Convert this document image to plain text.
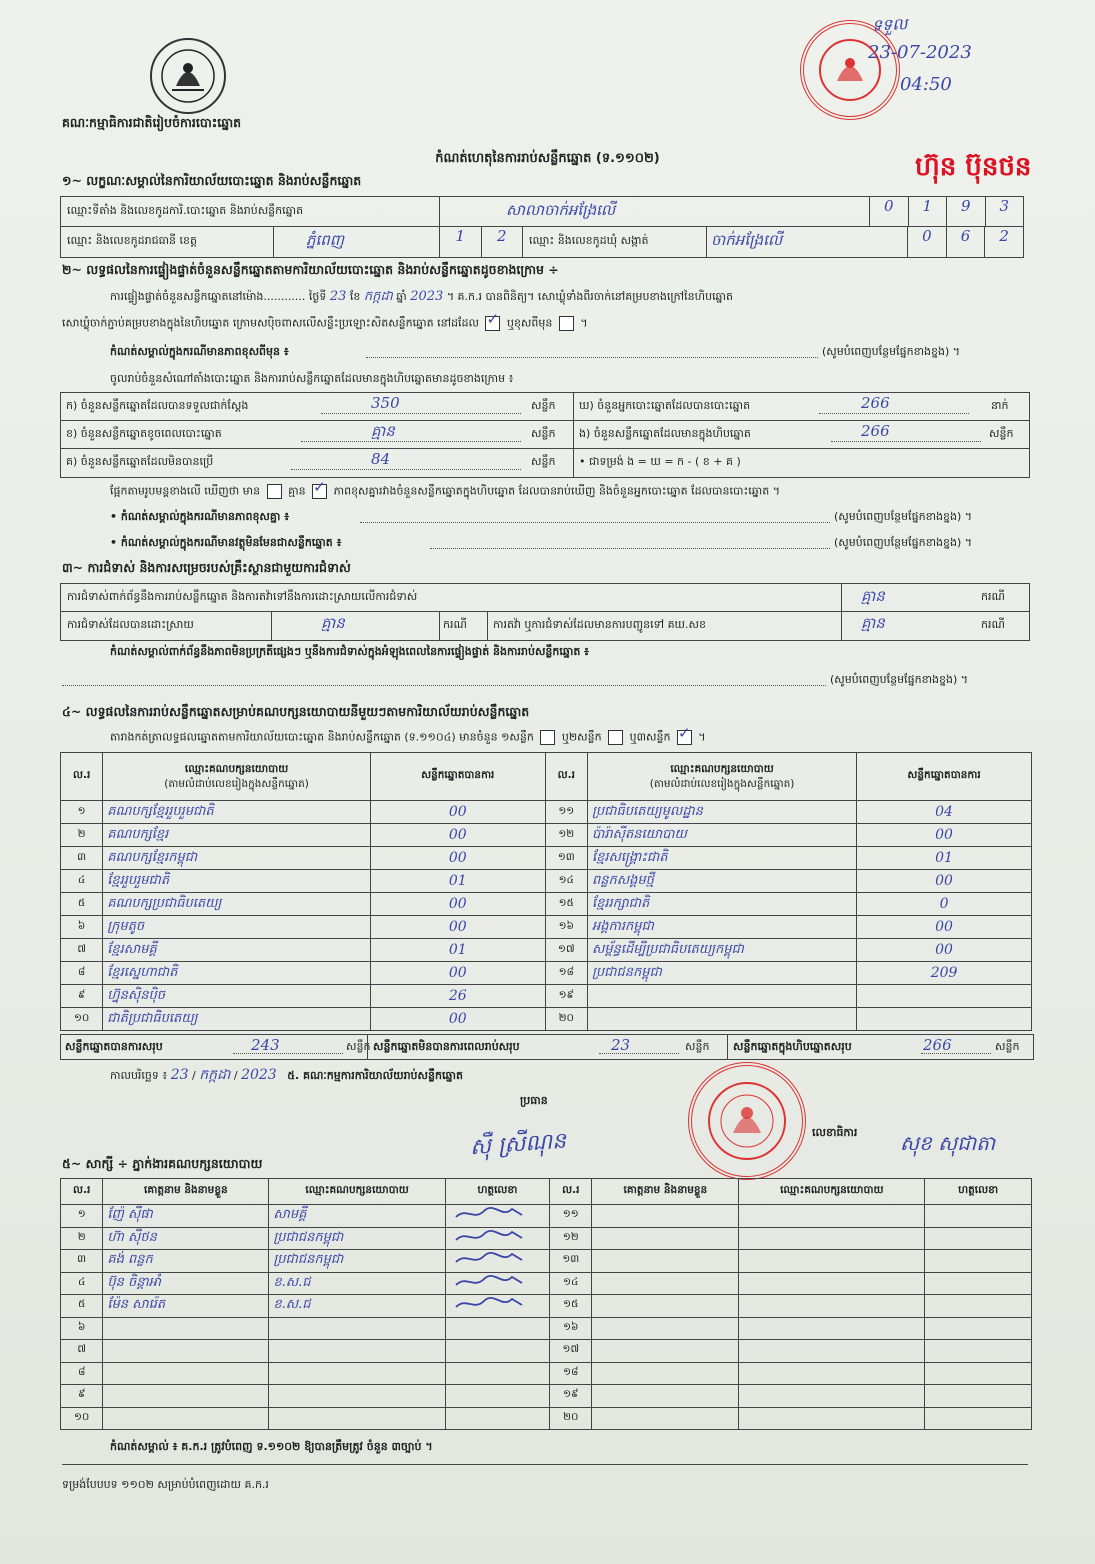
គណៈកម្មាធិការជាតិរៀបចំការបោះឆ្នោត
ទទួល
23-07-2023
04:50
ហ៊ុន ប៊ុនថន
កំណត់ហេតុនៃការរាប់សន្លឹកឆ្នោត (ទ.១១០២)
១~ លក្ខណៈសម្គាល់នៃការិយាល័យបោះឆ្នោត និងរាប់សន្លឹកឆ្នោត
ឈ្មោះទីតាំង និងលេខកូដការិ.បោះឆ្នោត និងរាប់សន្លឹកឆ្នោត	សាលាចាក់អង្រែលើ	0	1	9	3
ឈ្មោះ និងលេខកូដរាជធានី ខេត្ត	ភ្នំពេញ	1	2	ឈ្មោះ និងលេខកូដឃុំ សង្កាត់	ចាក់អង្រែលើ	0	6	2
២~ លទ្ធផលនៃការផ្ទៀងផ្ទាត់ចំនួនសន្លឹកឆ្នោតតាមការិយាល័យបោះឆ្នោត និងរាប់សន្លឹកឆ្នោតដូចខាងក្រោម ÷
ការផ្ទៀងផ្ទាត់ចំនួនសន្លឹកឆ្នោតនៅម៉ោង............ ថ្ងៃទី 23 ខែ កក្កដា ឆ្នាំ 2023 ។ គ.ក.រ បានពិនិត្យ។ សោឃ្លុំទាំងពីរចាក់នៅគម្របខាងក្រៅនៃហិបឆ្នោត
សោឃ្លុំចាក់ភ្ជាប់គម្របខាងក្នុងនៃហិបឆ្នោត ក្រោមសប៉ិចពាសលើសន្លឹះប្រឡោះសិតសន្លឹកឆ្នោត នៅដដែល ✓	ឬខុសពីមុន  ។
កំណត់សម្គាល់ក្នុងករណីមានភាពខុសពីមុន ៖	(សូមបំពេញបន្ថែមផ្នែកខាងខ្នង) ។
ចូលរាប់ចំនួនសំណៅតាំងបោះឆ្នោត និងការរាប់សន្លឹកឆ្នោតដែលមានក្នុងហិបឆ្នោតមានដូចខាងក្រោម ៖
ក) ចំនួនសន្លឹកឆ្នោតដែលបានទទួលជាក់ស្ដែង	350	សន្លឹក ឃ) ចំនួនអ្នកបោះឆ្នោតដែលបានបោះឆ្នោត	266	នាក់
ខ) ចំនួនសន្លឹកឆ្នោតខូចពេលបោះឆ្នោត	គ្មាន	សន្លឹក ង) ចំនួនសន្លឹកឆ្នោតដែលមានក្នុងហិបឆ្នោត	266	សន្លឹក
គ) ចំនួនសន្លឹកឆ្នោតដែលមិនបានប្រើ	84	សន្លឹក • ជាទម្រង់ ង = ឃ = ក - ( ខ + គ )
ផ្អែកតាមរូបមន្តខាងលើ ឃើញថា មាន	គ្មាន ✓	ភាពខុសគ្នារវាងចំនួនសន្លឹកឆ្នោតក្នុងហិបឆ្នោត ដែលបានរាប់ឃើញ និងចំនួនអ្នកបោះឆ្នោត ដែលបានបោះឆ្នោត ។
• កំណត់សម្គាល់ក្នុងករណីមានភាពខុសគ្នា ៖	(សូមបំពេញបន្ថែមផ្នែកខាងខ្នង) ។
• កំណត់សម្គាល់ក្នុងករណីមានវត្ថុមិនមែនជាសន្លឹកឆ្នោត ៖	(សូមបំពេញបន្ថែមផ្នែកខាងខ្នង) ។
៣~ ការជំទាស់ និងការសម្រេចរបស់គ្រឹះស្ថានជាមួយការជំទាស់
ការជំទាស់ពាក់ព័ន្ធនឹងការរាប់សន្លឹកឆ្នោត និងការតវ៉ាទៅនឹងការដោះស្រាយលើការជំទាស់	គ្មាន	ករណី
ការជំទាស់ដែលបានដោះស្រាយ	គ្មាន	ករណី ការតវ៉ា ឬការជំទាស់ដែលមានការបញ្ជូនទៅ គឃ.សខ	គ្មាន	ករណី
កំណត់សម្គាល់ពាក់ព័ន្ធនឹងភាពមិនប្រក្រតីផ្សេងៗ ឬនឹងការជំទាស់ក្នុងអំឡុងពេលនៃការផ្ទៀងផ្ទាត់ និងការរាប់សន្លឹកឆ្នោត ៖
(សូមបំពេញបន្ថែមផ្នែកខាងខ្នង) ។
៤~ លទ្ធផលនៃការរាប់សន្លឹកឆ្នោតសម្រាប់គណបក្សនយោបាយនីមួយៗតាមការិយាល័យរាប់សន្លឹកឆ្នោត
តារាងកត់ត្រាលទ្ធផលឆ្នោតតាមការិយាល័យបោះឆ្នោត និងរាប់សន្លឹកឆ្នោត (ទ.១១០៤) មានចំនួន ១សន្លឹក	ឬ២សន្លឹក	ឬ៣សន្លឹក ✓ ។
ល.រ	ឈ្មោះគណបក្សនយោបាយ
(តាមលំដាប់លេខរៀងក្នុងសន្លឹកឆ្នោត)	សន្លឹកឆ្នោតបានការ	ល.រ	ឈ្មោះគណបក្សនយោបាយ
(តាមលំដាប់លេខរៀងក្នុងសន្លឹកឆ្នោត)	សន្លឹកឆ្នោតបានការ
១	គណបក្សខ្មែររួបរួមជាតិ	00	១១	ប្រជាធិបតេយ្យមូលដ្ឋាន	04
២	គណបក្សខ្មែរ	00	១២	ប៉ារ៉ាស៊ីតនយោបាយ	00
៣	គណបក្សខ្មែរកម្ពុជា	00	១៣	ខ្មែរសង្គ្រោះជាតិ	01
៤	ខ្មែររួបរួមជាតិ	01	១៤	ពន្លកសង្គមថ្មី	00
៥	គណបក្សប្រជាធិបតេយ្យ	00	១៥	ខ្មែររក្សាជាតិ	0
៦	ក្រុមតូច	00	១៦	អង្គការកម្ពុជា	00
៧	ខ្មែរសាមគ្គី	01	១៧	សម្ព័ន្ធដើម្បីប្រជាធិបតេយ្យកម្ពុជា	00
៨	ខ្មែរស្នេហាជាតិ	00	១៨	ប្រជាជនកម្ពុជា	209
៩	ហ្វ៊ុនស៊ិនប៉ិច	26	១៩		
១០	ជាតិប្រជាធិបតេយ្យ	00	២០		
សន្លឹកឆ្នោតបានការសរុប	243	សន្លឹក សន្លឹកឆ្នោតមិនបានការពេលរាប់សរុប	23	សន្លឹក សន្លឹកឆ្នោតក្នុងហិបឆ្នោតសរុប	266	សន្លឹក
កាលបរិច្ឆេទ ៖ 23 / កក្កដា / 2023 ៥. គណៈកម្មការការិយាល័យរាប់សន្លឹកឆ្នោត
ប្រធាន
ស៊ឺ ស្រីណុន	លេខាធិការ សុខ សុជាតា
៥~ សាក្សី ÷ ភ្នាក់ងារគណបក្សនយោបាយ
ល.រ	គោត្តនាម និងនាមខ្លួន	ឈ្មោះគណបក្សនយោបាយ	ហត្ថលេខា	ល.រ	គោត្តនាម និងនាមខ្លួន	ឈ្មោះគណបក្សនយោបាយ	ហត្ថលេខា
១	ញ៉ែ ស៊ីផា	សាមគ្គី		១១			
២	ហ៊ា ស៊ីថន	ប្រជាជនកម្ពុជា		១២			
៣	គង់ ពន្លក	ប្រជាជនកម្ពុជា		១៣			
៤	ប៊ុន ចិន្តាអាំ	ខ.ស.ជ		១៤			
៥	ម៉ែន សារ៉េត	ខ.ស.ជ		១៥			
៦				១៦			
៧				១៧			
៨				១៨			
៩				១៩			
១០				២០			
កំណត់សម្គាល់ ៖ គ.ក.រ ត្រូវបំពេញ ទ.១១០២ ឱ្យបានត្រឹមត្រូវ ចំនួន ៣ច្បាប់ ។
ទម្រង់បែបបទ ១១០២ សម្រាប់បំពេញដោយ គ.ក.រ
